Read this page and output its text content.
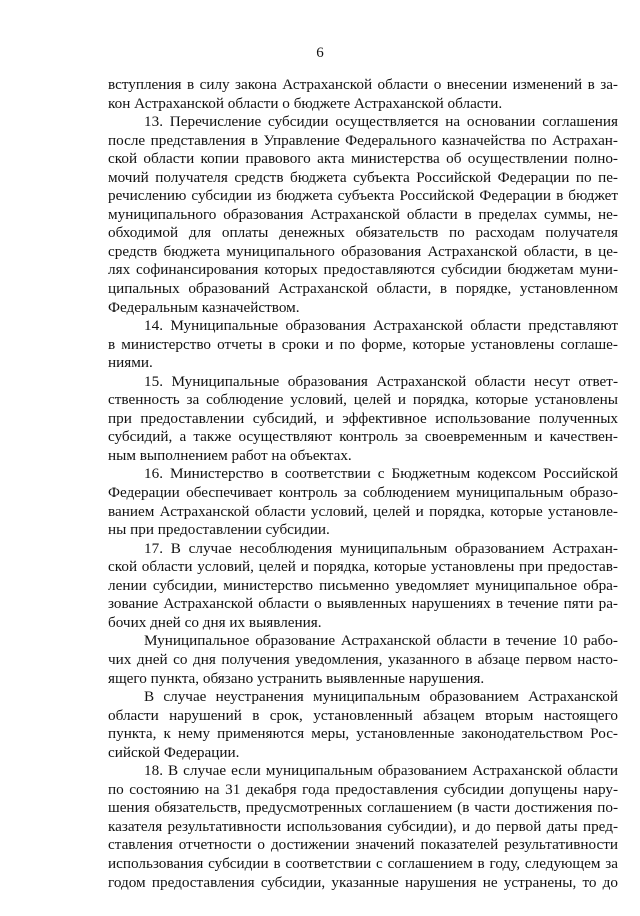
6
вступления в силу закона Астраханской области о внесении изменений в за-
кон Астраханской области о бюджете Астраханской области.
13. Перечисление субсидии осуществляется на основании соглашения
после представления в Управление Федерального казначейства по Астрахан-
ской области копии правового акта министерства об осуществлении полно-
мочий получателя средств бюджета субъекта Российской Федерации по пе-
речислению субсидии из бюджета субъекта Российской Федерации в бюджет
муниципального образования Астраханской области в пределах суммы, не-
обходимой для оплаты денежных обязательств по расходам получателя
средств бюджета муниципального образования Астраханской области, в це-
лях софинансирования которых предоставляются субсидии бюджетам муни-
ципальных образований Астраханской области, в порядке, установленном
Федеральным казначейством.
14. Муниципальные образования Астраханской области представляют
в министерство отчеты в сроки и по форме, которые установлены соглаше-
ниями.
15. Муниципальные образования Астраханской области несут ответ-
ственность за соблюдение условий, целей и порядка, которые установлены
при предоставлении субсидий, и эффективное использование полученных
субсидий, а также осуществляют контроль за своевременным и качествен-
ным выполнением работ на объектах.
16. Министерство в соответствии с Бюджетным кодексом Российской
Федерации обеспечивает контроль за соблюдением муниципальным образо-
ванием Астраханской области условий, целей и порядка, которые установле-
ны при предоставлении субсидии.
17. В случае несоблюдения муниципальным образованием Астрахан-
ской области условий, целей и порядка, которые установлены при предостав-
лении субсидии, министерство письменно уведомляет муниципальное обра-
зование Астраханской области о выявленных нарушениях в течение пяти ра-
бочих дней со дня их выявления.
Муниципальное образование Астраханской области в течение 10 рабо-
чих дней со дня получения уведомления, указанного в абзаце первом насто-
ящего пункта, обязано устранить выявленные нарушения.
В случае неустранения муниципальным образованием Астраханской
области нарушений в срок, установленный абзацем вторым настоящего
пункта, к нему применяются меры, установленные законодательством Рос-
сийской Федерации.
18. В случае если муниципальным образованием Астраханской области
по состоянию на 31 декабря года предоставления субсидии допущены нару-
шения обязательств, предусмотренных соглашением (в части достижения по-
казателя результативности использования субсидии), и до первой даты пред-
ставления отчетности о достижении значений показателей результативности
использования субсидии в соответствии с соглашением в году, следующем за
годом предоставления субсидии, указанные нарушения не устранены, то до
